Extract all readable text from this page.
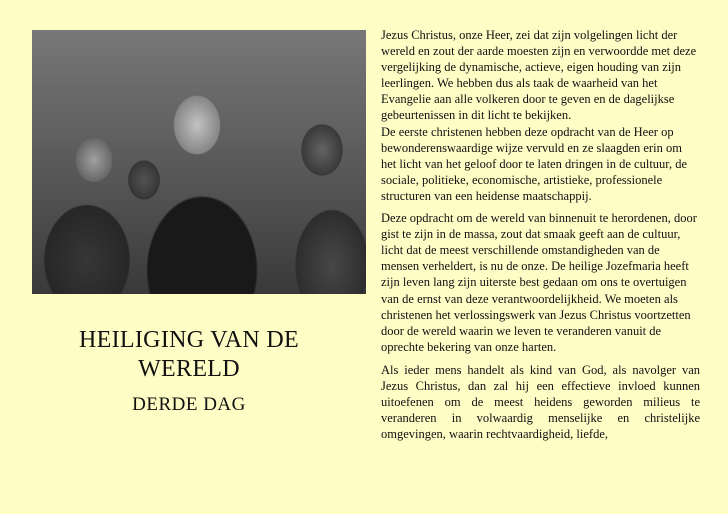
HEILIGING VAN DE WERELD
DERDE DAG

Jezus Christus, onze Heer, zei dat zijn volgelingen licht der wereld en zout der aarde moesten zijn en verwoordde met deze vergelijking de dynamische, actieve, eigen houding van zijn leerlingen. We hebben dus als taak de waarheid van het Evangelie aan alle volkeren door te geven en de dagelijkse gebeurtenissen in dit licht te bekijken.

De eerste christenen hebben deze opdracht van de Heer op bewonderenswaardige wijze vervuld en ze slaagden erin om het licht van het geloof door te laten dringen in de cultuur, de sociale, politieke, economische, artistieke, professionele structuren van een heidense maatschappij.

Deze opdracht om de wereld van binnenuit te herordenen, door gist te zijn in de massa, zout dat smaak geeft aan de cultuur, licht dat de meest verschillende omstandigheden van de mensen verheldert, is nu de onze. De heilige Jozefmaria heeft zijn leven lang zijn uiterste best gedaan om ons te overtuigen van de ernst van deze verantwoordelijkheid. We moeten als christenen het verlossingswerk van Jezus Christus voortzetten door de wereld waarin we leven te veranderen vanuit de oprechte bekering van onze harten.

Als ieder mens handelt als kind van God, als navolger van Jezus Christus, dan zal hij een effectieve invloed kunnen uitoefenen om de meest heidens geworden milieus te veranderen in volwaardig menselijke en christelijke omgevingen, waarin rechtvaardigheid, liefde,
